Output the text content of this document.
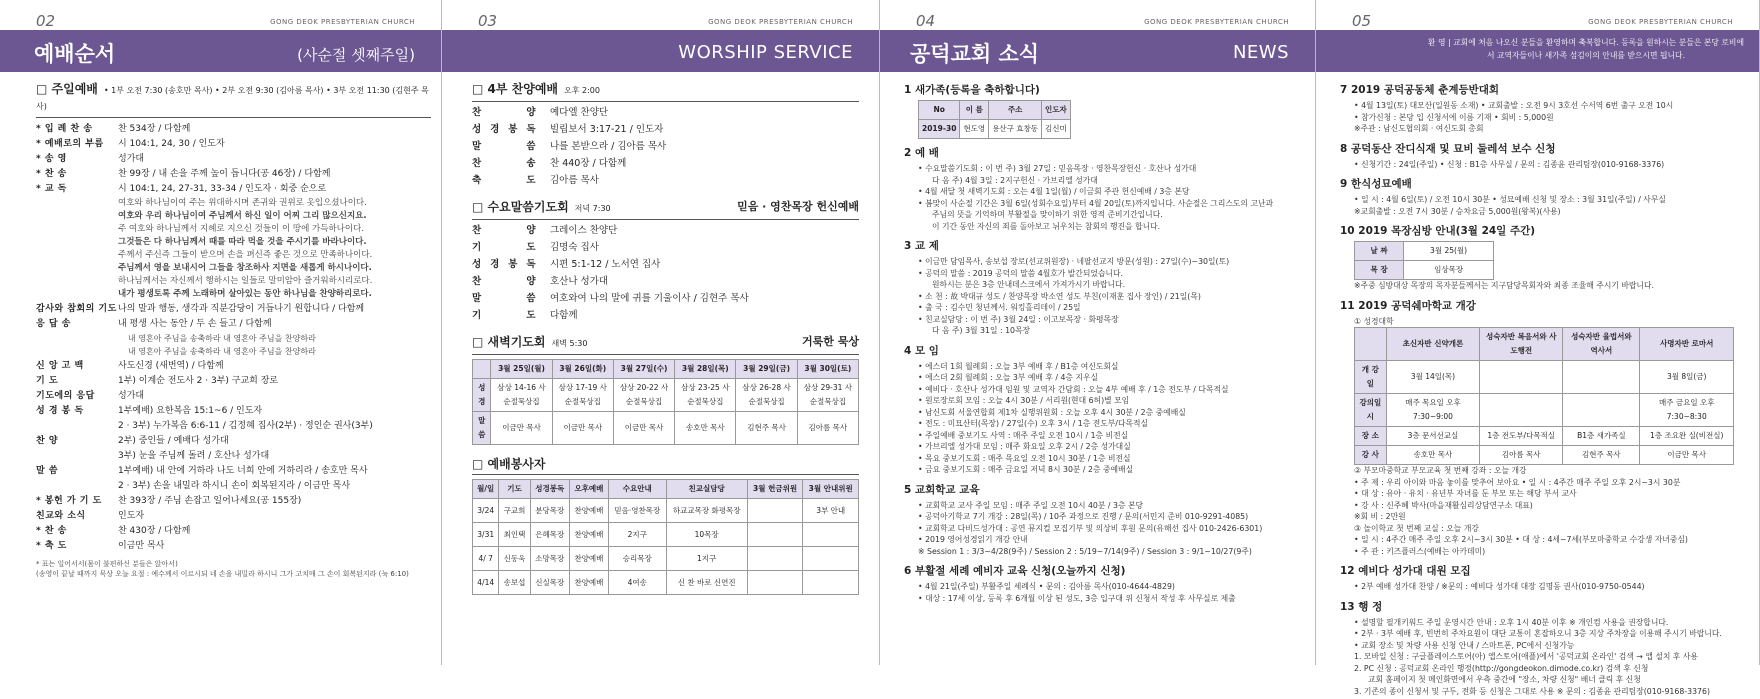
02	GONG DEOK PRESBYTERIAN CHURCH
예배순서	(사순절 셋째주일)
□ 주일예배 • 1부 오전 7:30 (송호만 목사) • 2부 오전 9:30 (김아름 목사) • 3부 오전 11:30 (김현주 목사)
* 입 례 찬 송	찬 534장 / 다함께
* 예배로의 부름	시 104:1, 24, 30 / 인도자
* 송 영	성가대
* 찬 송	찬 99장 / 내 손을 주께 높이 듭니다(공 46장) / 다함께
* 교 독	시 104:1, 24, 27-31, 33-34 / 인도자 · 회중 순으로
여호와 하나님이여 주는 위대하시며 존귀와 권위로 옷입으셨나이다.
여호와 우리 하나님이여 주님께서 하신 일이 어찌 그리 많으신지요.
주 여호와 하나님께서 지혜로 지으신 것들이 이 땅에 가득하나이다.
그것들은 다 하나님께서 때를 따라 먹을 것을 주시기를 바라나이다.
주께서 주신즉 그들이 받으며 손을 펴신즉 좋은 것으로 만족하나이다.
주님께서 영을 보내시어 그들을 창조하사 지면을 새롭게 하시나이다.
하나님께서는 자신께서 행하시는 일들로 말미암아 즐거워하시리로다.
내가 평생토록 주께 노래하며 살아있는 동안 하나님을 찬양하리로다.
감사와 참회의 기도 나의 말과 행동, 생각과 직분감당이 거듭나기 원합니다 / 다함께
응 답 송	내 평생 사는 동안 / 두 손 들고 / 다함께
내 영혼아 주님을 송축하라 내 영혼아 주님을 찬양하라
내 영혼아 주님을 송축하라 내 영혼아 주님을 찬양하라
신 앙 고 백	사도신경 (새번역) / 다함께
기 도	1부) 이계순 전도사 2 · 3부) 구교희 장로
기도에의 응답	성가대
성 경 봉 독	1부예배) 요한복음 15:1~6 / 인도자
2 · 3부) 누가복음 6:6-11 / 김정혜 집사(2부) · 정인순 권사(3부)
찬 양	2부) 중인들 / 예배다 성가대
3부) 눈을 주님께 돌려 / 호산나 성가대
말 씀	1부예배) 내 안에 거하라 나도 너희 안에 거하리라 / 송호만 목사
2 · 3부) 손을 내밀라 하시니 손이 회복된지라 / 이금만 목사
* 봉헌 가 기 도	찬 393장 / 주님 손잡고 일어나세요(공 155장)
친교와 소식	인도자
* 찬 송	찬 430장 / 다함께
* 축 도	이금만 목사
* 표는 일어서서(몸이 불편하신 분들은 앉아서)
(송영이 끝날 때까지 묵상 오늘 요절 : 예수께서 이르시되 네 손을 내밀라 하시니 그가 고치매 그 손이 회복된지라 (눅 6:10)
03	GONG DEOK PRESBYTERIAN CHURCH
WORSHIP SERVICE
□ 4부 찬양예배 오후 2:00
찬 양 예다엘 찬양단
성 경 봉 독 빌립보서 3:17-21 / 인도자
말 씀 나를 본받으라 / 김아름 목사
찬 송 찬 440장 / 다함께
축 도 김아름 목사
□ 수요말씀기도회 저녁 7:30	믿음 · 영찬목장 헌신예배
찬 양 그레이스 찬양단
기 도 김명숙 집사
성 경 봉 독 시편 5:1-12 / 노서연 집사
찬 양 호산나 성가대
말 씀 여호와여 나의 말에 귀를 기울이사 / 김현주 목사
기 도 다함께
□ 새벽기도회 새벽 5:30	거룩한 묵상
	3월 25일(월)	3월 26일(화)	3월 27일(수)	3월 28일(목)	3월 29일(금)	3월 30일(토)
성경	삼상 14-16 사순절묵상집	삼상 17-19 사순절묵상집	삼상 20-22 사순절묵상집	삼상 23-25 사순절묵상집	삼상 26-28 사순절묵상집	삼상 29-31 사순절묵상집
말씀	이금만 목사	이금만 목사	이금만 목사	송호만 목사	김현주 목사	김아름 목사
□ 예배봉사자
월/일	기도	성경봉독	오후예배	수요안내	친교실담당	3월 헌금위원	3월 안내위원
3/24	구교희	분당목장	찬양예배	믿음·영찬목장	하교교목장 화평목장		3부 안내
3/31	최인택	은혜목장	찬양예배	2지구	10목장		
4/ 7	신동욱	소망목장	찬양예배	승리목장	1지구		
4/14	송보섭	신실목장	찬양예배	4여송	신 찬 바로 신연진		
04	GONG DEOK PRESBYTERIAN CHURCH
공덕교회 소식	NEWS
1 새가족(등록을 축하합니다)
No	이 름	주소	인도자
2019-30	현도영	용산구 효창동	김신미
2 예 배
• 수요말씀기도회 : 이 번 주) 3월 27일 : 믿음목장 · 영찬목장헌신 · 호산나 성가대
다 음 주) 4월 3일 : 2지구헌신 · 가브리엘 성가대
• 4월 새달 첫 새벽기도회 : 오는 4월 1일(월) / 이금회 주관 헌신예배 / 3층 본당
• 봄맞이 사순절 기간은 3월 6일(성회수요일)부터 4월 20일(토)까지입니다. 사순절은 그리스도의 고난과
주님의 뜻을 기억하며 부활절을 맞이하기 위한 영적 준비기간입니다.
이 기간 동안 자신의 죄를 돌아보고 뉘우치는 참회의 행진을 합니다.
3 교 제
• 이금만 담임목사, 송보섭 장로(선교위원장) · 네팔선교지 방문(성원) : 27일(수)~30일(토)
• 공덕의 말씀 : 2019 공덕의 말씀 4월호가 발간되었습니다.
원하시는 분은 3층 안내데스크에서 가져가시기 바랍니다.
• 소 천 : 故 박대규 성도 / 찬양목장 박소연 성도 부친(이재훈 집사 장인) / 21일(목)
• 출 국 : 김수민 청년께서. 워킹홀리데이 / 25일
• 친교실담당 : 이 번 주) 3월 24일 : 이고보목장 · 화평목장
다 음 주) 3월 31일 : 10목장
4 모 임
• 에스더 1회 월례회 : 오늘 3부 예배 후 / B1층 여신도회실
• 에스더 2회 월례회 : 오늘 3부 예배 후 / 4층 지우실
• 예비다 · 호산나 성가대 임원 및 교역자 간담회 : 오늘 4부 예배 후 / 1층 전도부 / 다목적실
• 원로장로회 모임 : 오늘 4시 30분 / 서리원(현대 6허)별 모임
• 남신도회 서울연합회 제1차 실행위원회 : 오늘 오후 4시 30분 / 2층 중예배실
• 전도 : 미묘산터(목장) / 27일(수) 오후 3시 / 1층 전도부/다목적실
• 주일예배 중보기도 사역 : 매주 주일 오전 10시 / 1층 비전실
• 가브리엘 성가대 모임 : 매주 화요일 오후 2시 / 2층 성가대실
• 목요 중보기도회 : 매주 목요일 오전 10시 30분 / 1층 비전실
• 금요 중보기도회 : 매주 금요일 저녁 8시 30분 / 2층 중예배실
5 교회학교 교육
• 교회학교 교사 주일 모임 : 매주 주일 오전 10시 40분 / 3층 본당
• 공덕아기학교 7기 개강 : 28일(목) / 10주 과정으로 진행 / 문의(서민지 준비 010-9291-4085)
• 교회학교 다비드성가대 : 공연 뮤지컬 모집기부 및 의상비 후원 문의(유해선 집사 010-2426-6301)
• 2019 영어성경읽기 개강 안내
※ Session 1 : 3/3~4/28(9주) / Session 2 : 5/19~7/14(9주) / Session 3 : 9/1~10/27(9주)
6 부활절 세례 예비자 교육 신청(오늘까지 신청)
• 4월 21일(주일) 부활주일 세례식 • 문의 : 김아름 목사(010-4644-4829)
• 대상 : 17세 이상, 등록 후 6개월 이상 된 성도, 3층 입구대 위 신청서 작성 후 사무실로 제출
05	GONG DEOK PRESBYTERIAN CHURCH
환 영 | 교회에 처음 나오신 분들을 환영하며 축복합니다. 등록을 원하시는 분들은 본당 로비에서 교역자들이나 새가족 섬김이의 안내를 받으시면 됩니다.
7 2019 공덕공동체 춘계등반대회
• 4월 13일(토) 대모산(일원동 소재) • 교회출발 : 오전 9시 3호선 수서역 6번 출구 오전 10시
• 참가신청 : 본당 입 신청서에 이름 기재 • 회비 : 5,000원
※주관 : 남신도협의회 · 여신도회 총회
8 공덕동산 잔디식재 및 묘비 둘레석 보수 신청
• 신청기간 : 24일(주일) • 신청 : B1층 사무실 / 문의 : 김종윤 관리팀장(010-9168-3376)
9 한식성묘예배
• 일 시 : 4월 6일(토) / 오전 10시 30분 • 성묘예배 신청 및 장소 : 3월 31일(주일) / 사무실
※교회출발 : 오전 7시 30분 / 승차요금 5,000원(왕복)(사용)
10 2019 목장심방 안내(3월 24일 주간)
날 짜	3월 25(월)
목 장	임상목장
※주중 심방대상 목장의 목자분들께서는 지구담당목회자와 최종 조율해 주시기 바랍니다.
11 2019 공덕쉐마학교 개강
① 성경대학
	초신자반 신약개론	성숙자반 복음서와 사도행전	성숙자반 율법서와 역사서	사명자반 로마서
개 강 일	3월 14일(목)			3월 8일(금)
강의일시	매주 목요일 오후 7:30~9:00			매주 금요일 오후 7:30~8:30
장 소	3층 문서선교실	1층 전도부/다목적실	B1층 새가족실	1층 조요완 실(비전실)
강 사	송호만 목사	김아름 목사	김현주 목사	이금만 목사
② 부모마중학교 부모교육 첫 번째 강좌 : 오늘 개강
• 주 제 : 우리 아이와 마음 놓이를 맞추어 보아요 • 일 시 : 4주간 매주 주일 오후 2시~3시 30분
• 대 상 : 유아 · 유치 · 유년부 자녀를 둔 부모 또는 해당 부서 교사
• 강 사 : 신주혜 박사(마을재활심리상담연구소 대표)
※회 비 : 2만원
③ 놀이학교 첫 번째 교실 : 오늘 개강
• 일 시 : 4주간 매주 주일 오후 2시~3시 30분 • 대 상 : 4세~7세(부모마중학교 수강생 자녀중심)
• 주 관 : 키즈플러스(예배는 아카데미)
12 예비다 성가대 대원 모집
• 2부 예배 성가대 찬양 / ※문의 : 예비다 성가대 대장 김명동 권사(010-9750-0544)
13 행 정
• 설명할 필개키워드 주일 운영시간 안내 : 오후 1시 40분 이후 ※ 개인컴 사용을 권장합니다.
• 2부 · 3부 예배 후, 빈번히 주차요원이 대단 교통이 혼잡하오니 3층 지상 주차장을 이용해 주시기 바랍니다.
• 교회 장소 및 차량 사용 신청 안내 / 스마트폰, PC에서 신청가능
1. 모바일 신청 : 구글플레이스토어(아) 앱스토어(애플)에서 '공덕교회 온라인' 검색 → 앱 설치 후 사용
2. PC 신청 : 공덕교회 온라인 행정(http://gongdeokon.dimode.co.kr) 검색 후 신청
교회 홈페이지 첫 메인화면에서 우측 중간에 "장소, 차량 신청" 배너 클릭 후 신청
3. 기존의 종이 신청서 및 구두, 전화 등 신청은 그대로 사용 ※ 문의 : 김종윤 관리팀장(010-9168-3376)
